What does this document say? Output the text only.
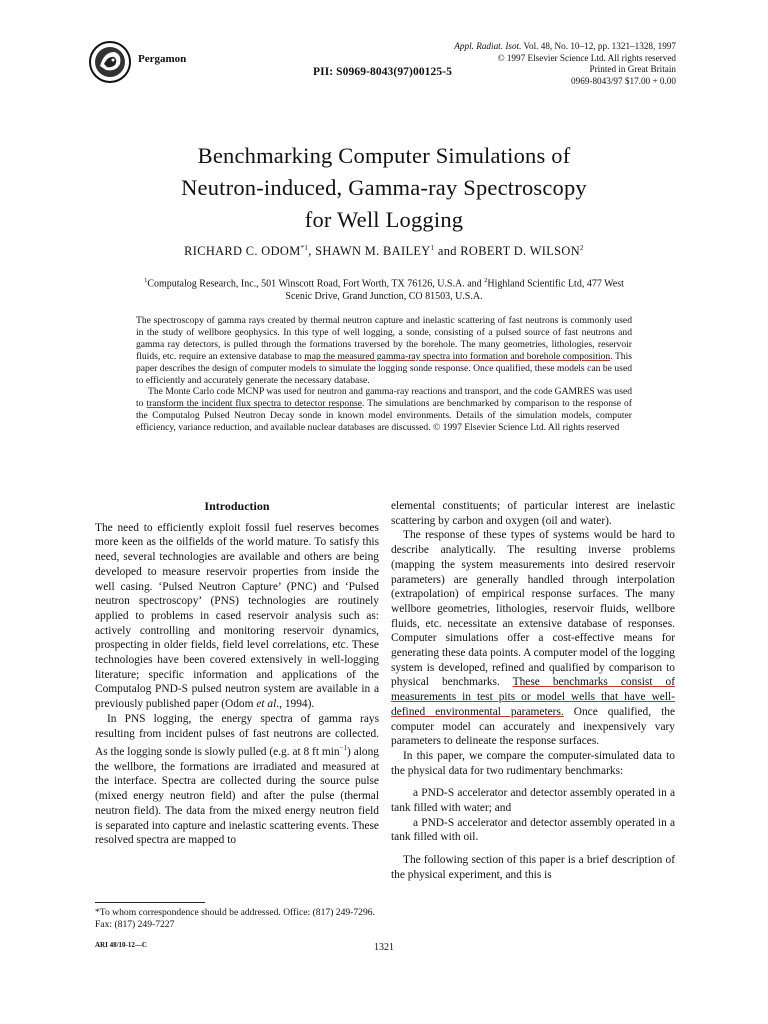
Pergamon
PII: S0969-8043(97)00125-5
Appl. Radiat. Isot. Vol. 48, No. 10–12, pp. 1321–1328, 1997
© 1997 Elsevier Science Ltd. All rights reserved
Printed in Great Britain
0969-8043/97 $17.00 + 0.00
Benchmarking Computer Simulations of
Neutron-induced, Gamma-ray Spectroscopy
for Well Logging
RICHARD C. ODOM$^{*1}$, SHAWN M. BAILEY$^1$ and ROBERT D. WILSON$^2$
$^1$Computalog Research, Inc., 501 Winscott Road, Fort Worth, TX 76126, U.S.A. and $^2$Highland Scientific Ltd, 477 West Scenic Drive, Grand Junction, CO 81503, U.S.A.

The spectroscopy of gamma rays created by thermal neutron capture and inelastic scattering of fast neutrons is commonly used in the study of wellbore geophysics. In this type of well logging, a sonde, consisting of a pulsed source of fast neutrons and gamma ray detectors, is pulled through the formations traversed by the borehole. The many geometries, lithologies, reservoir fluids, etc. require an extensive database to map the measured gamma-ray spectra into formation and borehole composition. This paper describes the design of computer models to simulate the logging sonde response. Once qualified, these models can be used to efficiently and accurately generate the necessary database.

The Monte Carlo code MCNP was used for neutron and gamma-ray reactions and transport, and the code GAMRES was used to transform the incident flux spectra to detector response. The simulations are benchmarked by comparison to the response of the Computalog Pulsed Neutron Decay sonde in known model environments. Details of the simulation models, computer efficiency, variance reduction, and available nuclear databases are discussed. © 1997 Elsevier Science Ltd. All rights reserved

Introduction

The need to efficiently exploit fossil fuel reserves becomes more keen as the oilfields of the world mature. To satisfy this need, several technologies are available and others are being developed to measure reservoir properties from inside the well casing. ‘Pulsed Neutron Capture’ (PNC) and ‘Pulsed neutron spectroscopy’ (PNS) technologies are routinely applied to problems in cased reservoir analysis such as: actively controlling and monitoring reservoir dynamics, prospecting in older fields, field level correlations, etc. These technologies have been covered extensively in well-logging literature; specific information and applications of the Computalog PND-S pulsed neutron system are available in a previously published paper (Odom et al., 1994).

In PNS logging, the energy spectra of gamma rays resulting from incident pulses of fast neutrons are collected. As the logging sonde is slowly pulled (e.g. at 8 ft $\min^{-1}$) along the wellbore, the formations are irradiated and measured at the interface. Spectra are collected during the source pulse (mixed energy neutron field) and after the pulse (thermal neutron field). The data from the mixed energy neutron field is separated into capture and inelastic scattering events. These resolved spectra are mapped to

elemental constituents; of particular interest are inelastic scattering by carbon and oxygen (oil and water).

The response of these types of systems would be hard to describe analytically. The resulting inverse problems (mapping the system measurements into desired reservoir parameters) are generally handled through interpolation (extrapolation) of empirical response surfaces. The many wellbore geometries, lithologies, reservoir fluids, wellbore fluids, etc. necessitate an extensive database of responses. Computer simulations offer a cost-effective means for generating these data points. A computer model of the logging system is developed, refined and qualified by comparison to physical benchmarks. These benchmarks consist of measurements in test pits or model wells that have well-defined environmental parameters. Once qualified, the computer model can accurately and inexpensively vary parameters to delineate the response surfaces.

In this paper, we compare the computer-simulated data to the physical data for two rudimentary benchmarks:

a PND-S accelerator and detector assembly operated in a tank filled with water; and

a PND-S accelerator and detector assembly operated in a tank filled with oil.

The following section of this paper is a brief description of the physical experiment, and this is

*To whom correspondence should be addressed. Office: (817) 249-7296. Fax: (817) 249-7227

ARI 48/10-12—C	1321
